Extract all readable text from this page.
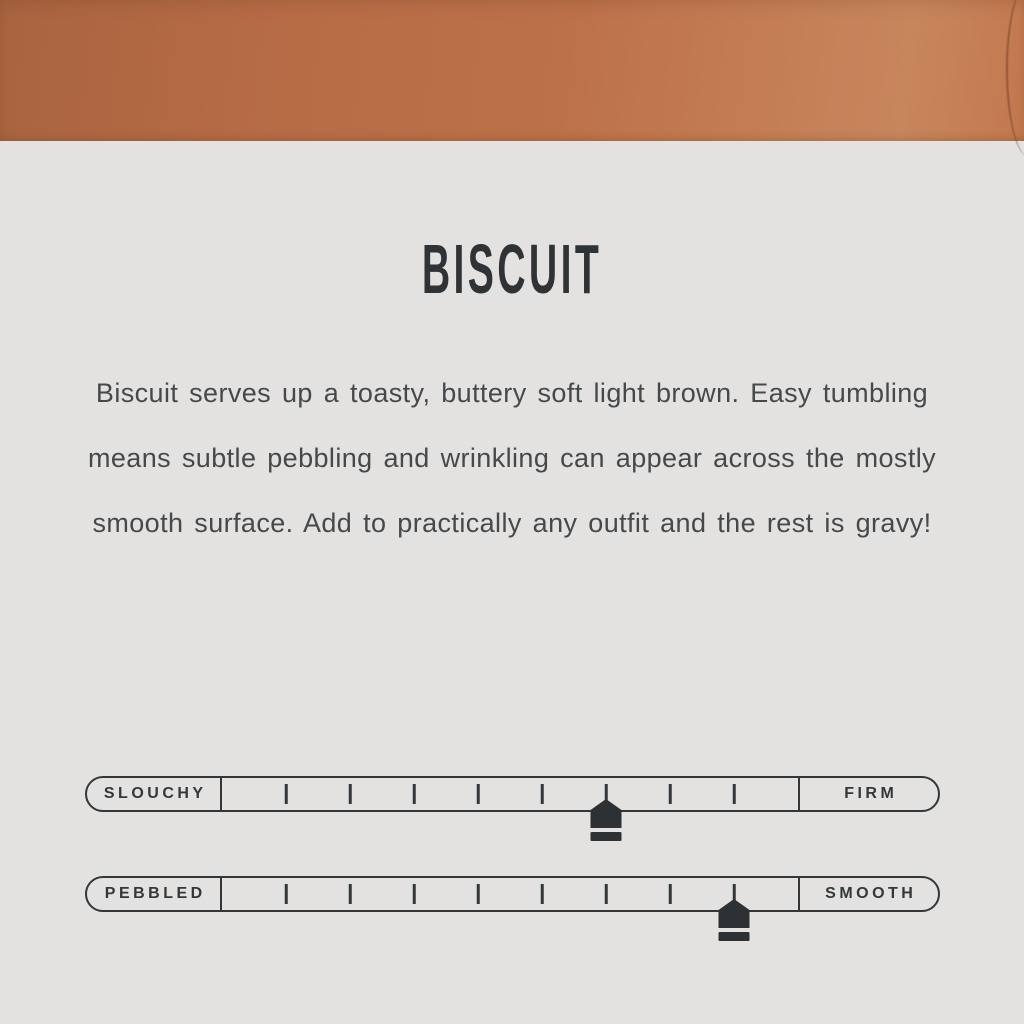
BISCUIT
Biscuit serves up a toasty, buttery soft light brown. Easy tumbling
means subtle pebbling and wrinkling can appear across the mostly
smooth surface. Add to practically any outfit and the rest is gravy!
SLOUCHY	FIRM
PEBBLED	SMOOTH
